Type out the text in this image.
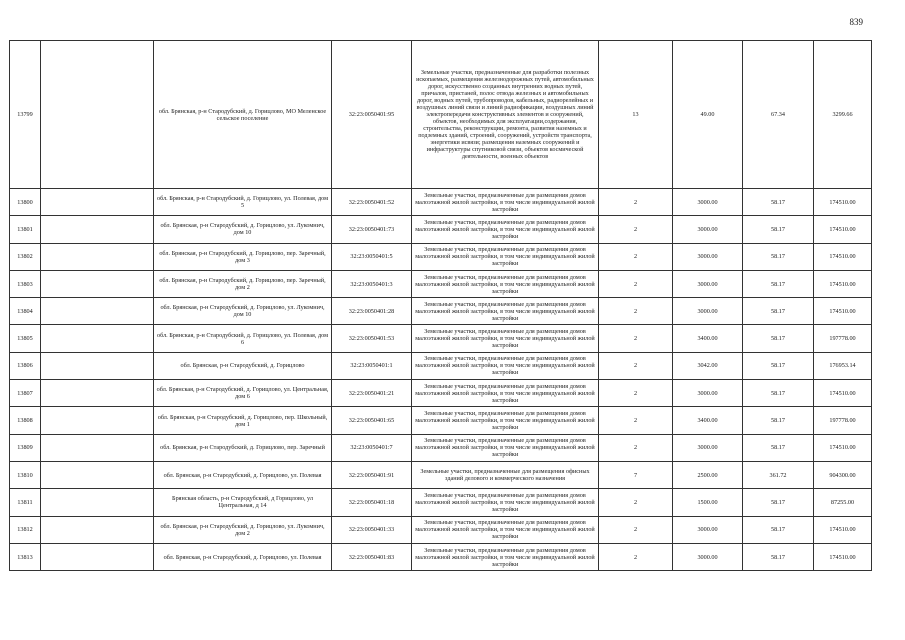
839
13799		обл. Брянская, р-н Стародубский, д. Горицлово, МО Меленское сельское поселение	32:23:0050401:95	Земельные участки, предназначенные для разработки полезных ископаемых, размещения железнодорожных путей, автомобильных дорог, искусственно созданных внутренних водных путей, причалов, пристаней, полос отвода железных и автомобильных дорог, водных путей, трубопроводов, кабельных, радиорелейных и воздушных линий связи и линий радиофикации, воздушных линий электропередачи конструктивных элементов и сооружений, объектов, необходимых для эксплуатации,содержания, строительства, реконструкции, ремонта, развития наземных и подземных зданий, строений, сооружений, устройств транспорта, энергетики исвязи; размещения наземных сооружений и инфраструктуры спутниковой связи, объектов космической деятельности, военных объектов	13	49.00	67.34	3299.66
13800		обл. Брянская, р-н Стародубский, д. Горицлово, ул. Полевая, дом 5	32:23:0050401:52	Земельные участки, предназначенные для размещения домов малоэтажной жилой застройки, в том числе индивидуальной жилой застройки	2	3000.00	58.17	174510.00
13801		обл. Брянская, р-н Стародубский, д. Горицлово, ул. Лукомнич, дом 10	32:23:0050401:73	Земельные участки, предназначенные для размещения домов малоэтажной жилой застройки, в том числе индивидуальной жилой застройки	2	3000.00	58.17	174510.00
13802		обл. Брянская, р-н Стародубский, д. Горицлово, пер. Заречный, дом 3	32:23:0050401:5	Земельные участки, предназначенные для размещения домов малоэтажной жилой застройки, в том числе индивидуальной жилой застройки	2	3000.00	58.17	174510.00
13803		обл. Брянская, р-н Стародубский, д. Горицлово, пер. Заречный, дом 2	32:23:0050401:3	Земельные участки, предназначенные для размещения домов малоэтажной жилой застройки, в том числе индивидуальной жилой застройки	2	3000.00	58.17	174510.00
13804		обл. Брянская, р-н Стародубский, д. Горицлово, ул. Лукомнич, дом 10	32:23:0050401:28	Земельные участки, предназначенные для размещения домов малоэтажной жилой застройки, в том числе индивидуальной жилой застройки	2	3000.00	58.17	174510.00
13805		обл. Брянская, р-н Стародубский, д. Горицлово, ул. Полевая, дом 6	32:23:0050401:53	Земельные участки, предназначенные для размещения домов малоэтажной жилой застройки, в том числе индивидуальной жилой застройки	2	3400.00	58.17	197778.00
13806		обл. Брянская, р-н Стародубский, д. Горицлово	32:23:0050401:1	Земельные участки, предназначенные для размещения домов малоэтажной жилой застройки, в том числе индивидуальной жилой застройки	2	3042.00	58.17	176953.14
13807		обл. Брянская, р-н Стародубский, д. Горицлово, ул. Центральная, дом 6	32:23:0050401:21	Земельные участки, предназначенные для размещения домов малоэтажной жилой застройки, в том числе индивидуальной жилой застройки	2	3000.00	58.17	174510.00
13808		обл. Брянская, р-н Стародубский, д. Горицлово, пер. Школьный, дом 1	32:23:0050401:65	Земельные участки, предназначенные для размещения домов малоэтажной жилой застройки, в том числе индивидуальной жилой застройки	2	3400.00	58.17	197778.00
13809		обл. Брянская, р-н Стародубский, д. Горицлово, пер. Заречный	32:23:0050401:7	Земельные участки, предназначенные для размещения домов малоэтажной жилой застройки, в том числе индивидуальной жилой застройки	2	3000.00	58.17	174510.00
13810		обл. Брянская, р-н Стародубский, д. Горицлово, ул. Полевая	32:23:0050401:91	Земельные участки, предназначенные для размещения офисных зданий делового и коммерческого назначения	7	2500.00	361.72	904300.00
13811		Брянская область, р-н Стародубский, д Горицлово, ул Центральная, д 14	32:23:0050401:18	Земельные участки, предназначенные для размещения домов малоэтажной жилой застройки, в том числе индивидуальной жилой застройки	2	1500.00	58.17	87255.00
13812		обл. Брянская, р-н Стародубский, д. Горицлово, ул. Лукомнич, дом 2	32:23:0050401:33	Земельные участки, предназначенные для размещения домов малоэтажной жилой застройки, в том числе индивидуальной жилой застройки	2	3000.00	58.17	174510.00
13813		обл. Брянская, р-н Стародубский, д. Горицлово, ул. Полевая	32:23:0050401:83	Земельные участки, предназначенные для размещения домов малоэтажной жилой застройки, в том числе индивидуальной жилой застройки	2	3000.00	58.17	174510.00
